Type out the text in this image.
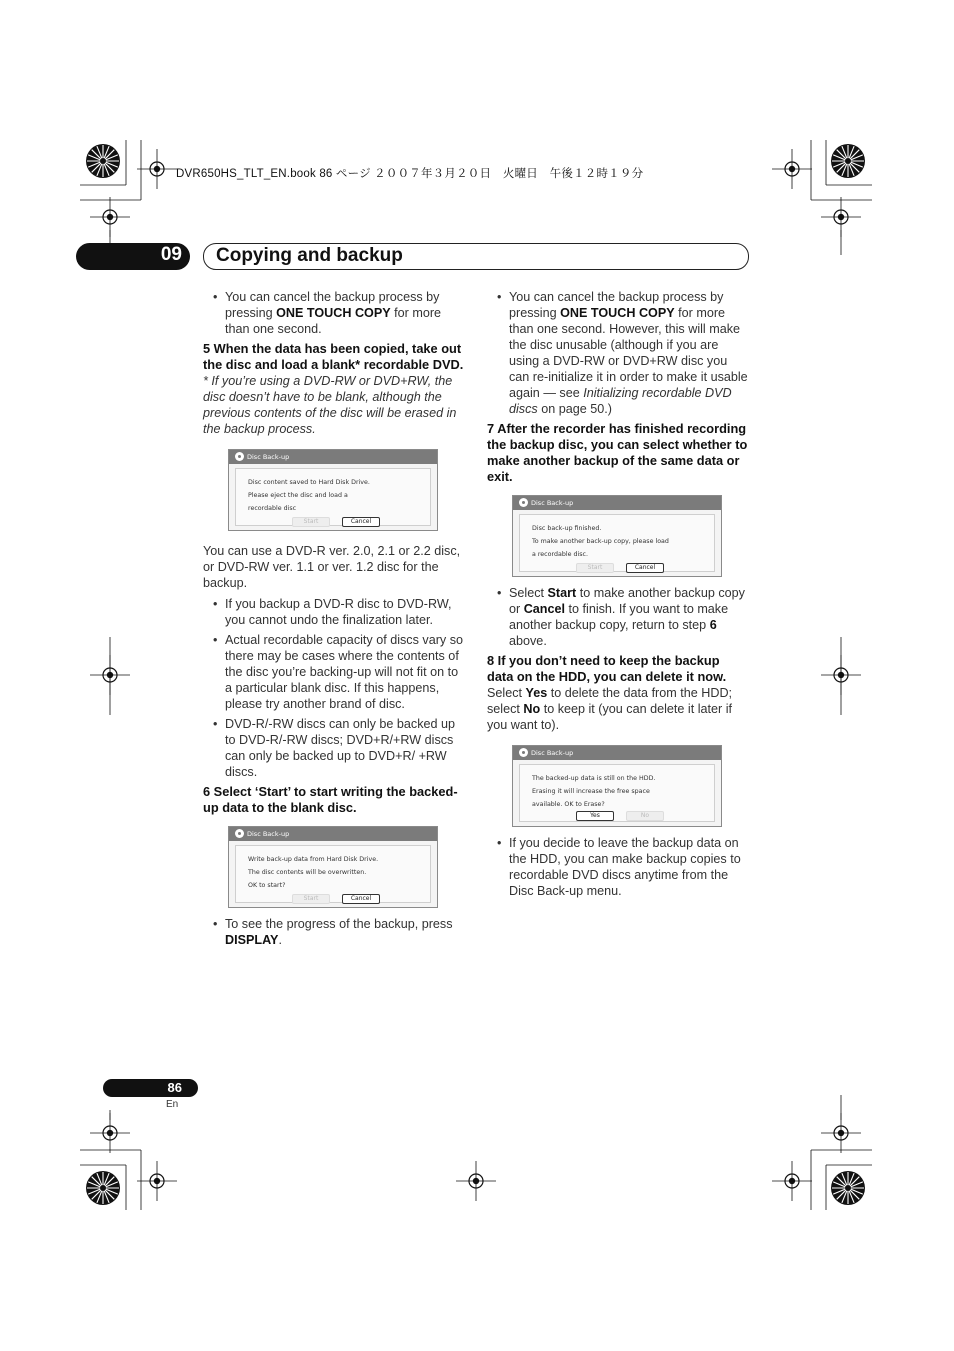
DVR650HS_TLT_EN.book 86 ページ ２００７年３月２０日　火曜日　午後１２時１９分
09 Copying and backup
• You can cancel the backup process by pressing ONE TOUCH COPY for more than one second.

5 When the data has been copied, take out the disc and load a blank* recordable DVD.

* If you’re using a DVD-RW or DVD+RW, the disc doesn’t have to be blank, although the previous contents of the disc will be erased in the backup process.

Disc Back-up
Disc content saved to Hard Disk Drive.
Please eject the disc and load a
recordable disc
Start	Cancel

You can use a DVD-R ver. 2.0, 2.1 or 2.2 disc, or DVD-RW ver. 1.1 or ver. 1.2 disc for the backup.

• If you backup a DVD-R disc to DVD-RW, you cannot undo the finalization later.
• Actual recordable capacity of discs vary so there may be cases where the contents of the disc you’re backing-up will not fit on to a particular blank disc. If this happens, please try another brand of disc.
• DVD-R/-RW discs can only be backed up to DVD-R/-RW discs; DVD+R/+RW discs can only be backed up to DVD+R/ +RW discs.

6 Select ‘Start’ to start writing the backed-up data to the blank disc.

Disc Back-up
Write back-up data from Hard Disk Drive.
The disc contents will be overwritten.
OK to start?
Start	Cancel
• To see the progress of the backup, press DISPLAY.
• You can cancel the backup process by pressing ONE TOUCH COPY for more than one second. However, this will make the disc unusable (although if you are using a DVD-RW or DVD+RW disc you can re-initialize it in order to make it usable again — see Initializing recordable DVD discs on page 50.)

7 After the recorder has finished recording the backup disc, you can select whether to make another backup of the same data or exit.

Disc Back-up
Disc back-up finished.
To make another back-up copy, please load
a recordable disc.
Start	Cancel
• Select Start to make another backup copy or Cancel to finish. If you want to make another backup copy, return to step 6 above.

8 If you don’t need to keep the backup data on the HDD, you can delete it now.

Select Yes to delete the data from the HDD; select No to keep it (you can delete it later if you want to).

Disc Back-up
The backed-up data is still on the HDD.
Erasing it will increase the free space
available. OK to Erase?
Yes	No
• If you decide to leave the backup data on the HDD, you can make backup copies to recordable DVD discs anytime from the Disc Back-up menu.
86
En
